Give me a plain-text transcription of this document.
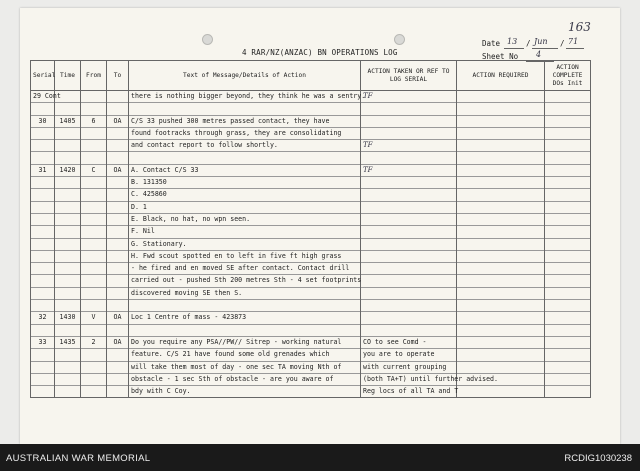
163
Date 13 / Jun / 71
Sheet No 4
4 RAR/NZ(ANZAC) BN OPERATIONS LOG
Serial	Time	From	To	Text of Message/Details of Action	ACTION TAKEN OR REF TO LOG SERIAL	ACTION REQUIRED	ACTION COMPLETE DOs Init
29 Cont				there is nothing bigger beyond, they think he was a sentry.	TF		

30	1405	6	OA	C/S 33 pushed 300 metres passed contact, they have			
				found footracks through grass, they are consolidating			
				and contact report to follow shortly.	TF		

31	1420	C	OA	A. Contact C/S 33	TF		
				B. 131350			
				C. 425860			
				D. 1			
				E. Black, no hat, no wpn seen.			
				F. Nil			
				G. Stationary.			
				H. Fwd scout spotted en to left in five ft high grass			
				- he fired and en moved SE after contact. Contact drill			
				carried out - pushed Sth 200 metres Sth - 4 set footprints			
				discovered moving SE then S.			

32	1430	V	OA	Loc 1 Centre of mass - 423873			

33	1435	2	OA	Do you require any PSA//PW// Sitrep - working natural	CO to see Comd -		
				feature. C/S 21 have found some old grenades which	you are to operate		
				will take them most of day - one sec TA moving Nth of	with current grouping		
				obstacle - 1 sec Sth of obstacle - are you aware of	(both TA+T) until further advised.		
				bdy with C Coy.	Reg locs of all TA and T		
AUSTRALIAN WAR MEMORIAL	RCDIG1030238
